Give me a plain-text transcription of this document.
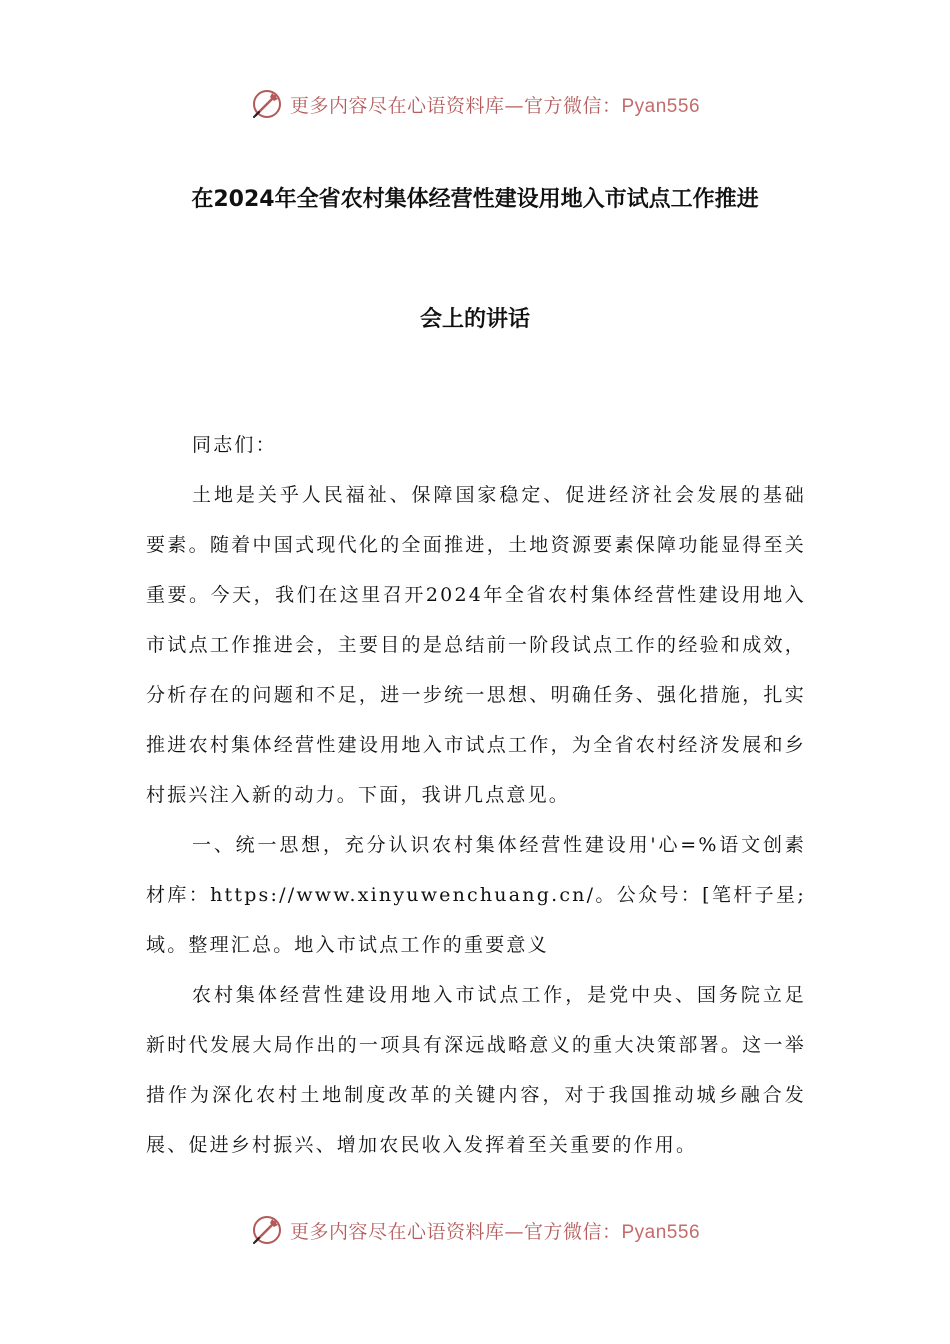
更多内容尽在心语资料库—官方微信：Pyan556
在2024年全省农村集体经营性建设用地入市试点工作推进
会上的讲话

同志们：

土地是关乎人民福祉、保障国家稳定、促进经济社会发展的基础要素。随着中国式现代化的全面推进，土地资源要素保障功能显得至关重要。今天，我们在这里召开2024年全省农村集体经营性建设用地入市试点工作推进会，主要目的是总结前一阶段试点工作的经验和成效，分析存在的问题和不足，进一步统一思想、明确任务、强化措施，扎实推进农村集体经营性建设用地入市试点工作，为全省农村经济发展和乡村振兴注入新的动力。下面，我讲几点意见。

一、统一思想，充分认识农村集体经营性建设用'心=%语文创素材库：https://www.xinyuwenchuang.cn/。公众号：[笔杆子星;域。整理汇总。地入市试点工作的重要意义

农村集体经营性建设用地入市试点工作，是党中央、国务院立足新时代发展大局作出的一项具有深远战略意义的重大决策部署。这一举措作为深化农村土地制度改革的关键内容，对于我国推动城乡融合发展、促进乡村振兴、增加农民收入发挥着至关重要的作用。

更多内容尽在心语资料库—官方微信：Pyan556
